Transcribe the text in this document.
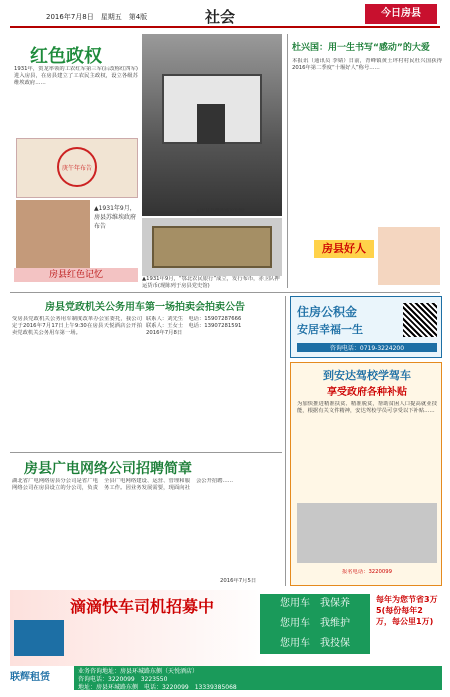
2016年7月8日　星期五　第4版	社会	今日房县
红色政权
1931年，贺龙率领的工农红军第三军(后改称红四军)进入房县，在房县建立了工农民主政权，设立各级苏维埃政府……
庚午年布告
▲1931年9月，房县苏维埃政府布告
房县红色记忆
▲房县苏维埃政府旧址
▲1931年9月，“鄂北农民银行”成立，发行布币，赤卫队押运货币(现陈列于房县党史馆)
杜兴国：用一生书写“感动”的大爱
本报讯（通讯员 李婧）日前，青峰镇黄土坪村村民杜兴国获得2016年第二季度“十堰好人”称号……
房县好人
房县党政机关公务用车第一场拍卖会拍卖公告
受房县党政机关公务用车制度改革办公室委托，我公司定于2016年7月17日上午9:30在房县天悦酒店公开拍卖党政机关公务用车第一场。
联系人：刘先生　电话：15907287666
联系人：王女士　电话：13907281591
2016年7月8日
房县广电网络公司招聘简章
湖北省广电网络房县分公司是省广电网络公司在房县设立的分公司，负责全县广电网络建设、运营、管理和服务工作。因业务发展需要，现面向社会公开招聘……
2016年7月5日
住房公积金
安居幸福一生
咨询电话：0719-3224200
到安达驾校学驾车
享受政府各种补贴
为加快推进精准扶贫、精准脱贫，帮助贫困人口提高就业技能，根据有关文件精神，安达驾校学员可享受以下补贴……
报名电话：3220099
滴滴快车司机招募中	您用车　我保养
您用车　我维护
您用车　我投保
每年为您节省3万5(每份每年2万，每公里1万)
联辉租赁
业务咨询地址：房县环城路东侧（天悦酒店）
咨询电话：3220099　3223550
地址：房县环城路东侧　电话：3220099　13339385068
